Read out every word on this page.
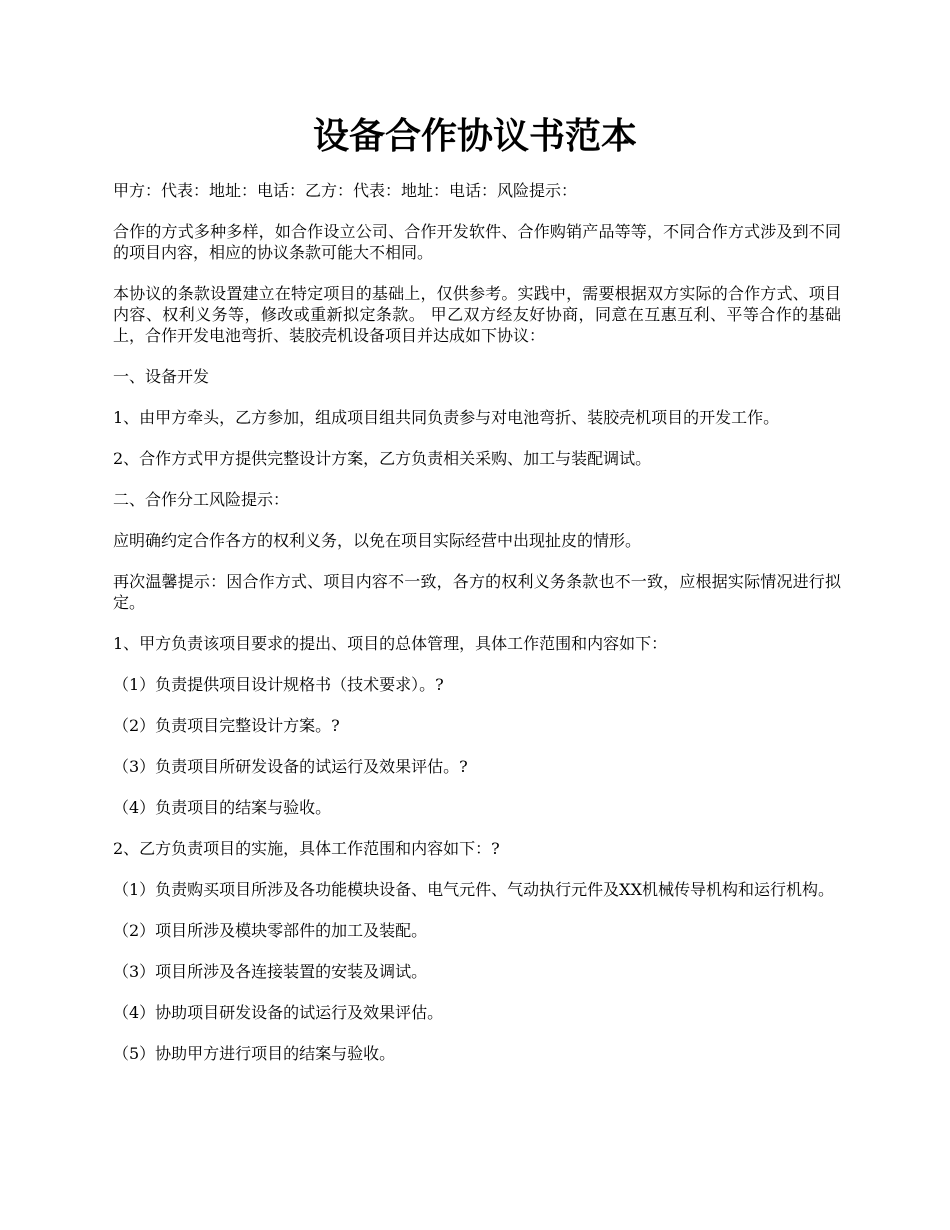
设备合作协议书范本

甲方：代表：地址：电话：乙方：代表：地址：电话：风险提示：

合作的方式多种多样，如合作设立公司、合作开发软件、合作购销产品等等，不同合作方式涉及到不同的项目内容，相应的协议条款可能大不相同。

本协议的条款设置建立在特定项目的基础上，仅供参考。实践中，需要根据双方实际的合作方式、项目内容、权利义务等，修改或重新拟定条款。 甲乙双方经友好协商，同意在互惠互利、平等合作的基础上，合作开发电池弯折、装胶壳机设备项目并达成如下协议：

一、设备开发

1、由甲方牵头，乙方参加，组成项目组共同负责参与对电池弯折、装胶壳机项目的开发工作。

2、合作方式甲方提供完整设计方案，乙方负责相关采购、加工与装配调试。

二、合作分工风险提示：

应明确约定合作各方的权利义务，以免在项目实际经营中出现扯皮的情形。

再次温馨提示：因合作方式、项目内容不一致，各方的权利义务条款也不一致，应根据实际情况进行拟定。

1、甲方负责该项目要求的提出、项目的总体管理，具体工作范围和内容如下：

（1）负责提供项目设计规格书（技术要求）。?

（2）负责项目完整设计方案。?

（3）负责项目所研发设备的试运行及效果评估。?

（4）负责项目的结案与验收。

2、乙方负责项目的实施，具体工作范围和内容如下：?

（1）负责购买项目所涉及各功能模块设备、电气元件、气动执行元件及XX机械传导机构和运行机构。

（2）项目所涉及模块零部件的加工及装配。

（3）项目所涉及各连接装置的安装及调试。

（4）协助项目研发设备的试运行及效果评估。

（5）协助甲方进行项目的结案与验收。
